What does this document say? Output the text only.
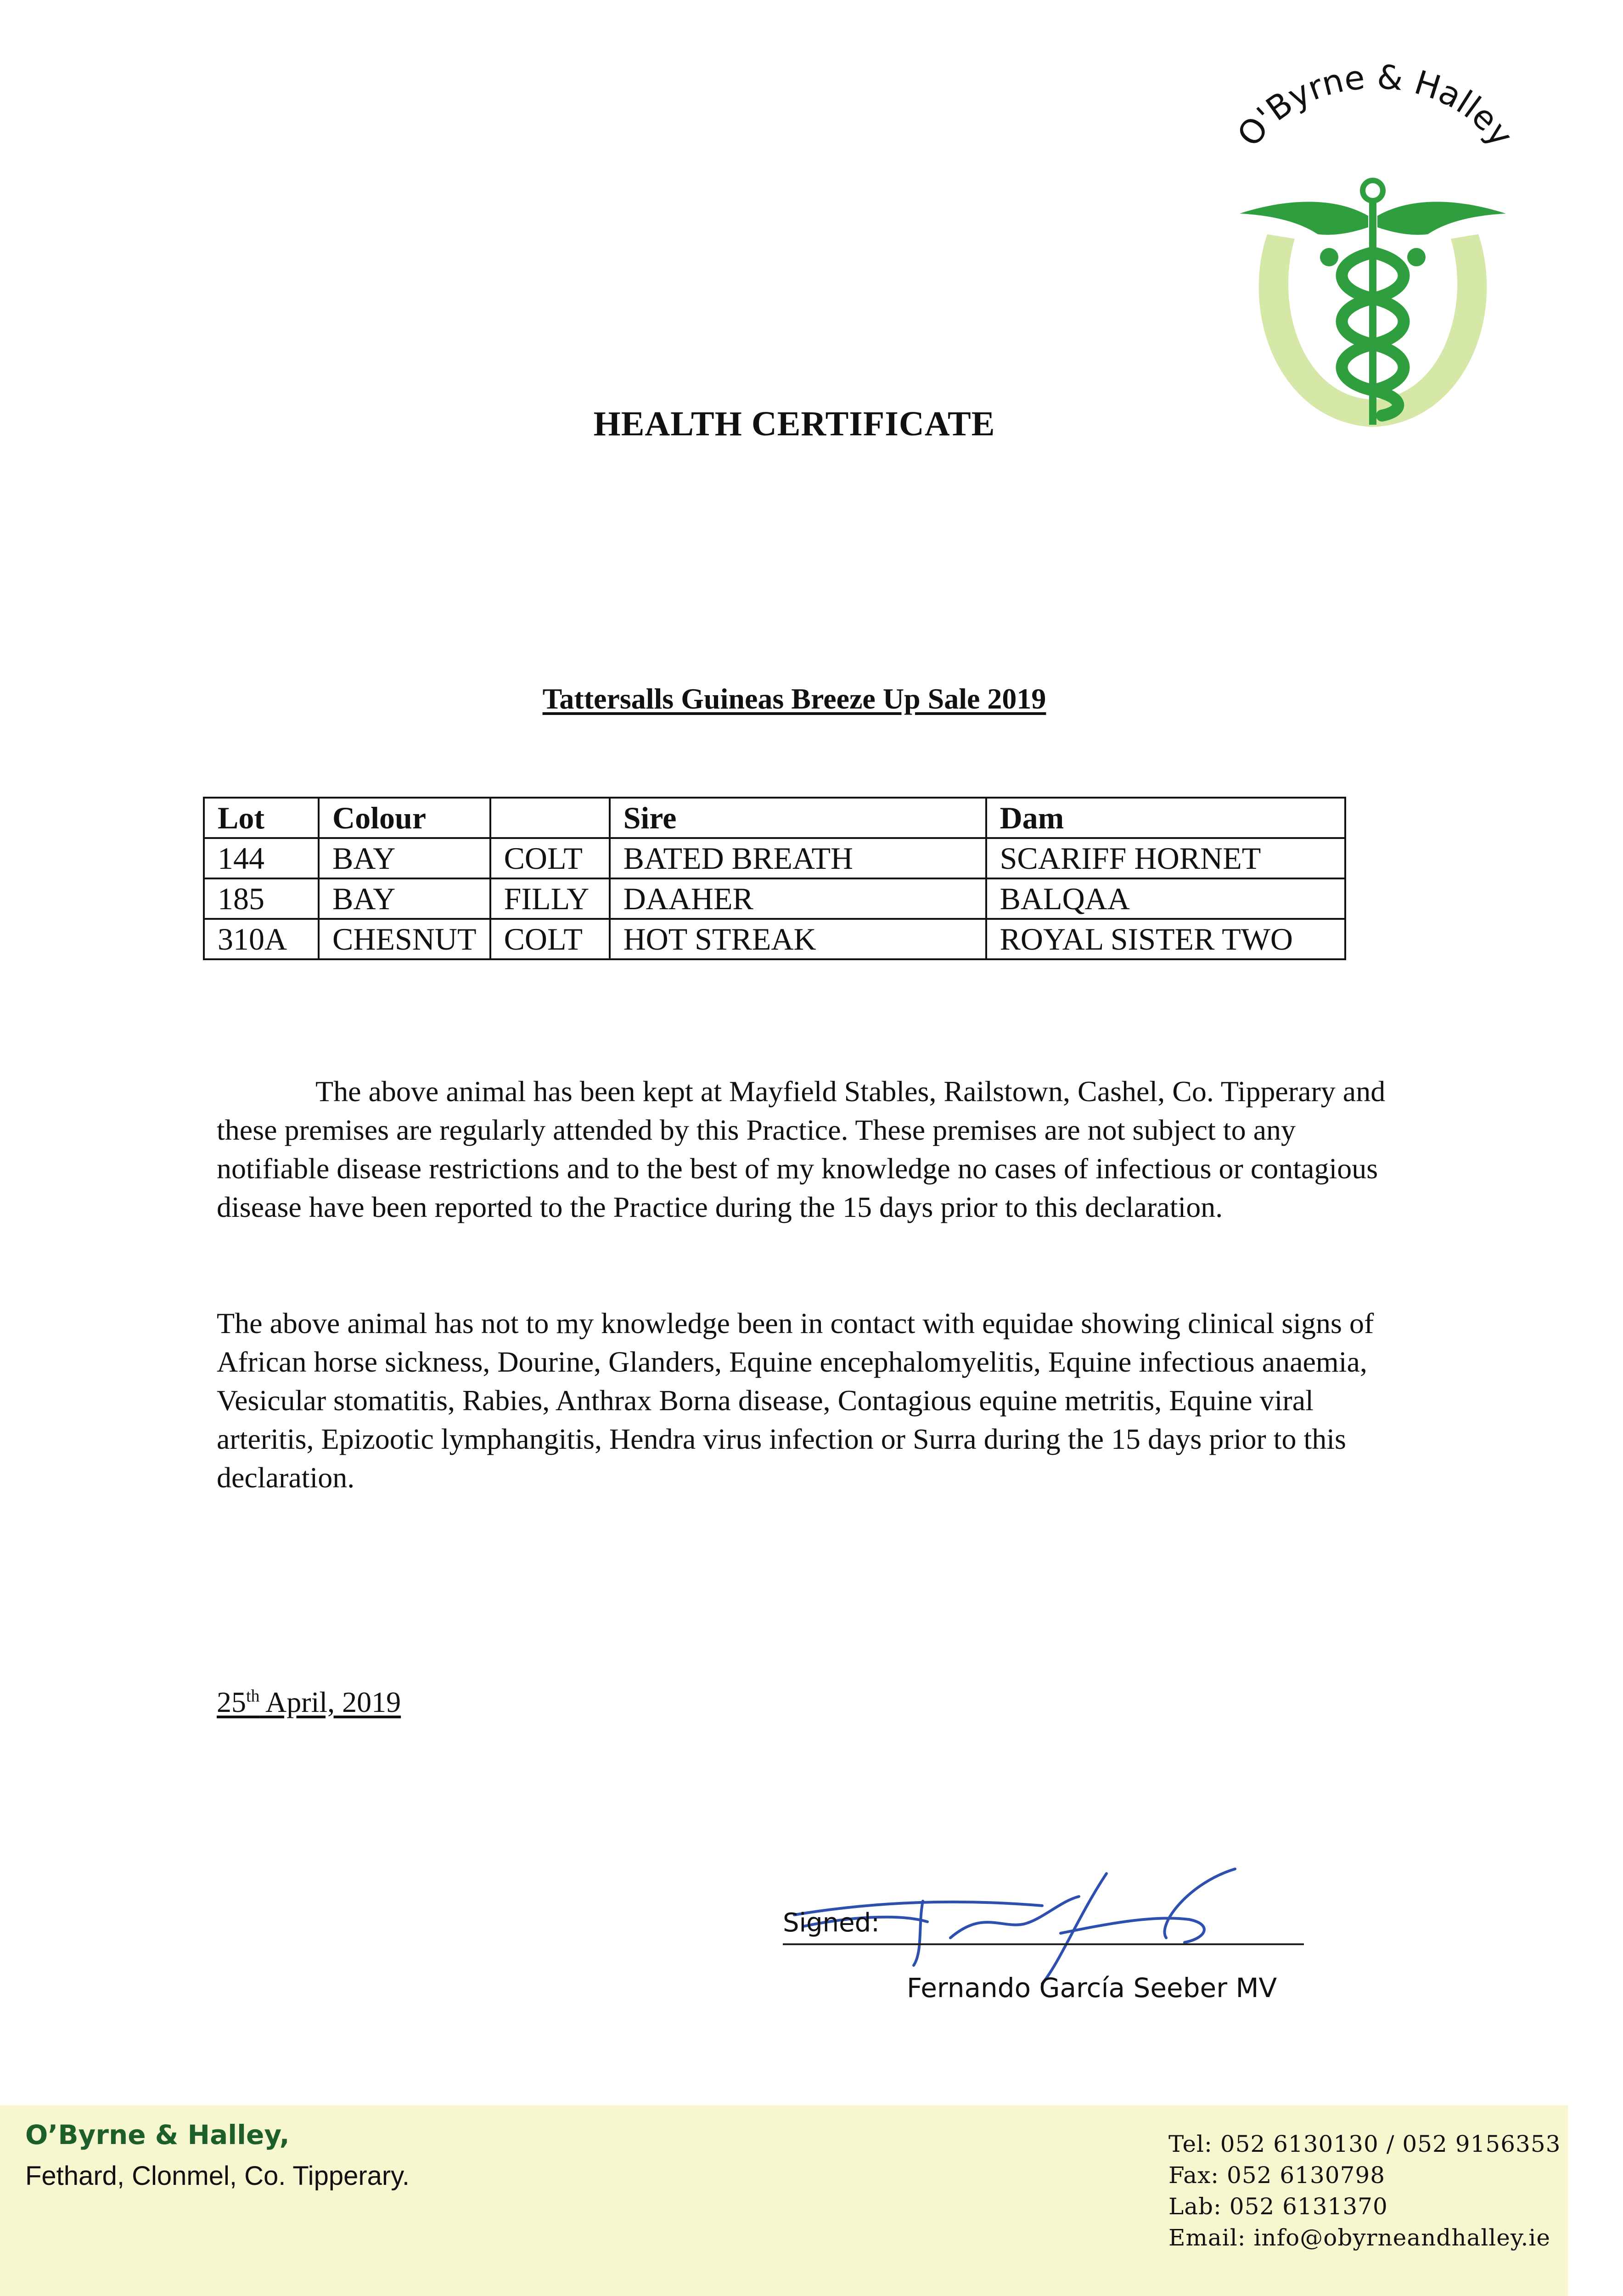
O'Byrne & Halley
HEALTH CERTIFICATE
Tattersalls Guineas Breeze Up Sale 2019
Lot	Colour		Sire	Dam
144	BAY	COLT	BATED BREATH	SCARIFF HORNET
185	BAY	FILLY	DAAHER	BALQAA
310A	CHESNUT	COLT	HOT STREAK	ROYAL SISTER TWO
The above animal has been kept at Mayfield Stables, Railstown, Cashel, Co. Tipperary and these premises are regularly attended by this Practice. These premises are not subject to any notifiable disease restrictions and to the best of my knowledge no cases of infectious or contagious disease have been reported to the Practice during the 15 days prior to this declaration.
The above animal has not to my knowledge been in contact with equidae showing clinical signs of African horse sickness, Dourine, Glanders, Equine encephalomyelitis, Equine infectious anaemia, Vesicular stomatitis, Rabies, Anthrax Borna disease, Contagious equine metritis, Equine viral arteritis, Epizootic lymphangitis, Hendra virus infection or Surra during the 15 days prior to this declaration.
25th April, 2019
Signed:
Fernando García Seeber MV
O’Byrne & Halley,
Fethard, Clonmel, Co. Tipperary.
Tel: 052 6130130 / 052 9156353
Fax: 052 6130798
Lab: 052 6131370
Email: info@obyrneandhalley.ie
